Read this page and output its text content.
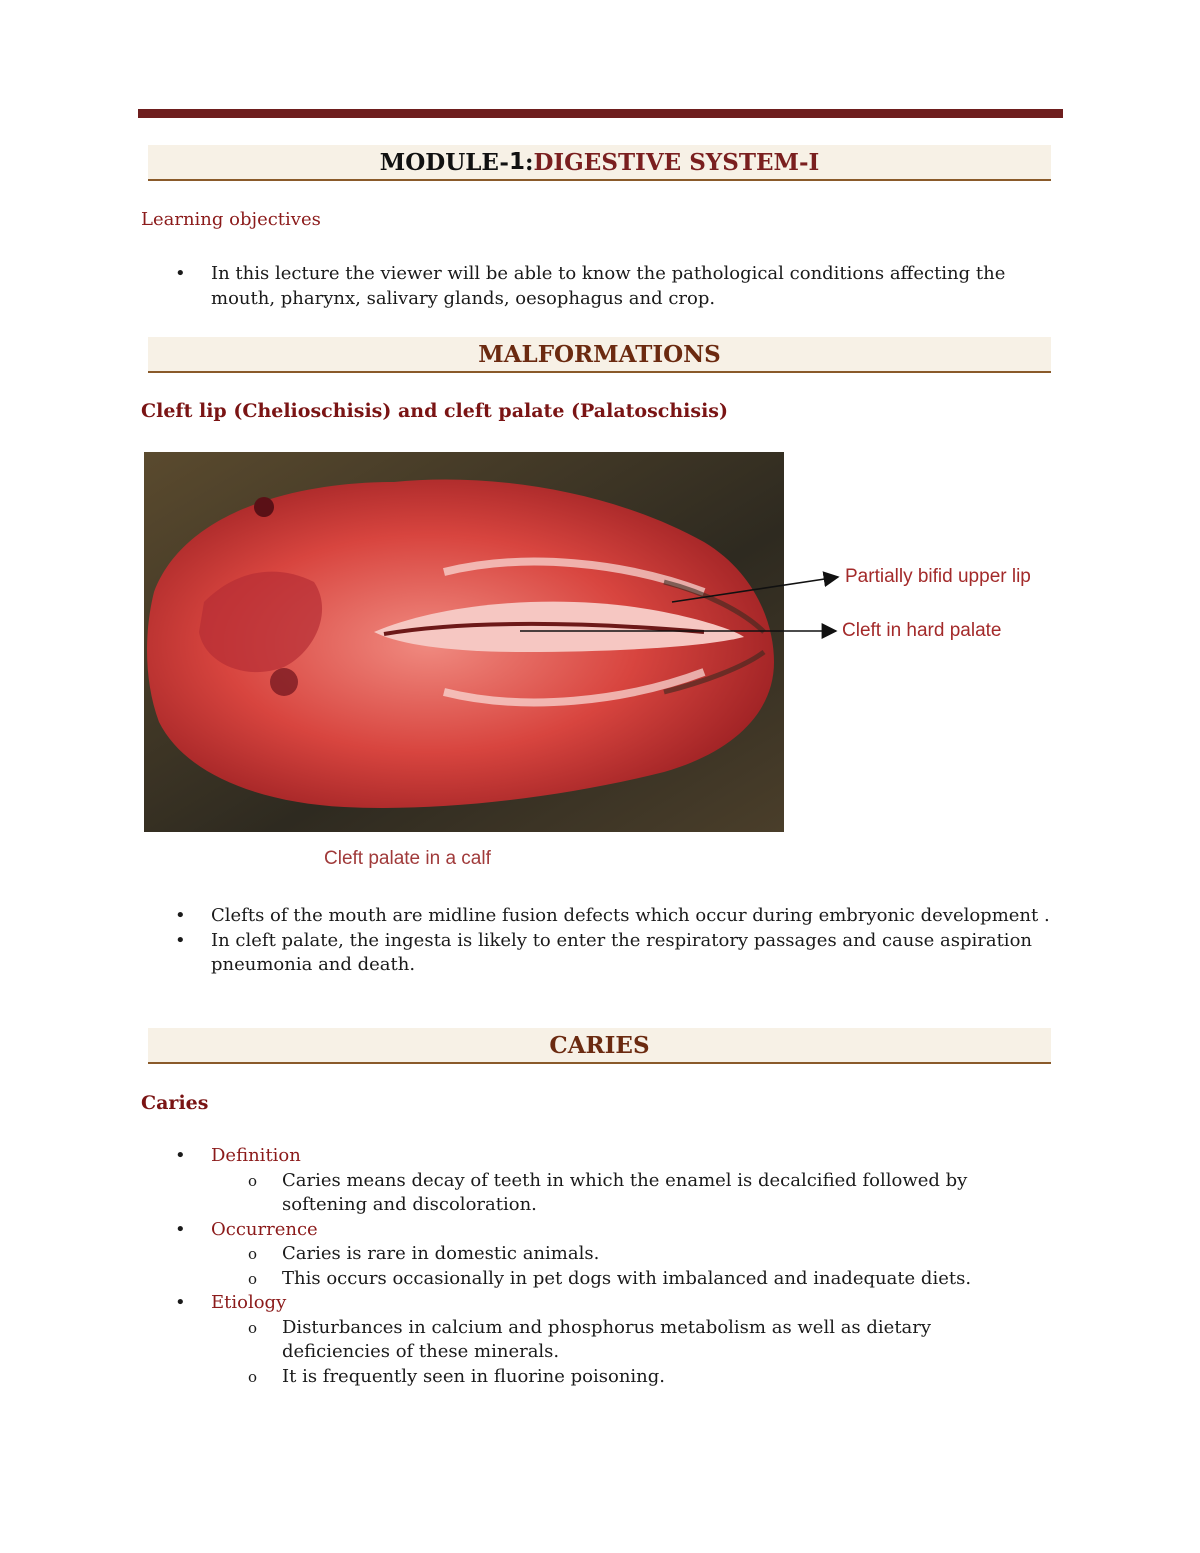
MODULE- 1 : DIGESTIVE SYSTEM-I
Learning objectives
• In this lecture the viewer will be able to know the pathological conditions affecting the mouth, pharynx, salivary glands, oesophagus and crop.
MALFORMATIONS
Cleft lip (Chelioschisis) and cleft palate (Palatoschisis)
Partially bifid upper lip
Cleft in hard palate
Cleft palate in a calf
• Clefts of the mouth are midline fusion defects which occur during embryonic development .
• In cleft palate, the ingesta is likely to enter the respiratory passages and cause aspiration pneumonia and death.
CARIES
Caries
• Definition
o Caries means decay of teeth in which the enamel is decalcified followed by softening and discoloration.
• Occurrence
o Caries is rare in domestic animals.
o This occurs occasionally in pet dogs with imbalanced and inadequate diets.
• Etiology
o Disturbances in calcium and phosphorus metabolism as well as dietary deficiencies of these minerals.
o It is frequently seen in fluorine poisoning.
